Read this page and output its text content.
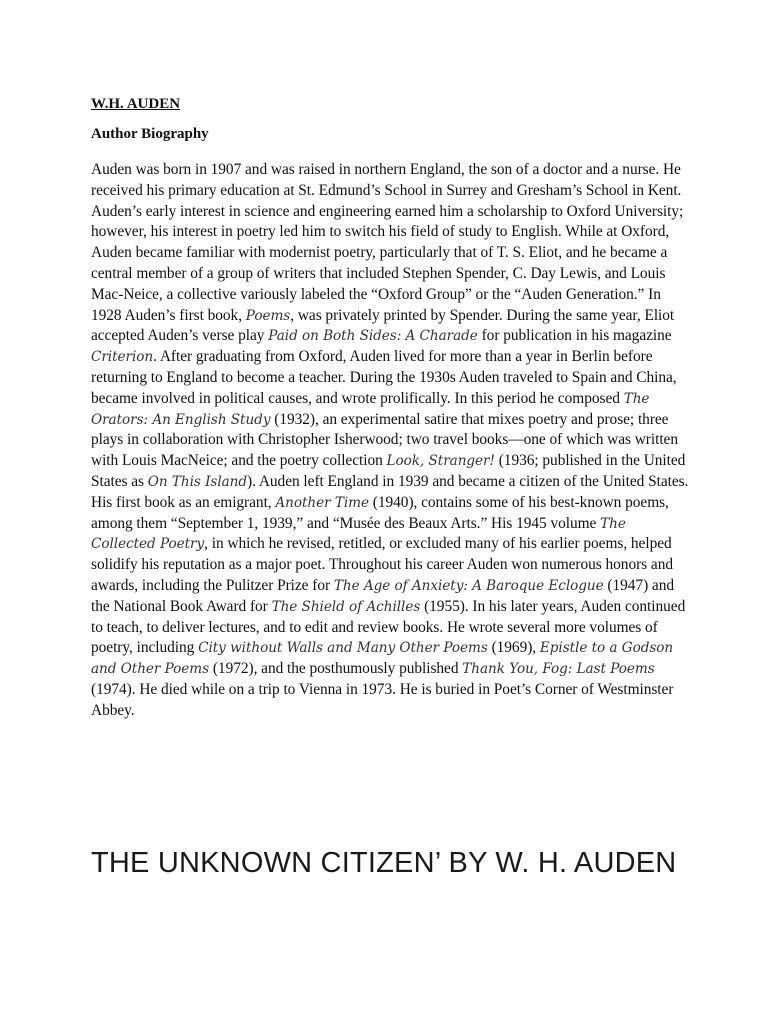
W.H. AUDEN

Author Biography

Auden was born in 1907 and was raised in northern England, the son of a doctor and a nurse. He received his primary education at St. Edmund’s School in Surrey and Gresham’s School in Kent. Auden’s early interest in science and engineering earned him a scholarship to Oxford University; however, his interest in poetry led him to switch his field of study to English. While at Oxford, Auden became familiar with modernist poetry, particularly that of T. S. Eliot, and he became a central member of a group of writers that included Stephen Spender, C. Day Lewis, and Louis Mac-Neice, a collective variously labeled the “Oxford Group” or the “Auden Generation.” In 1928 Auden’s first book, Poems, was privately printed by Spender. During the same year, Eliot accepted Auden’s verse play Paid on Both Sides: A Charade for publication in his magazine Criterion. After graduating from Oxford, Auden lived for more than a year in Berlin before returning to England to become a teacher. During the 1930s Auden traveled to Spain and China, became involved in political causes, and wrote prolifically. In this period he composed The Orators: An English Study (1932), an experimental satire that mixes poetry and prose; three plays in collaboration with Christopher Isherwood; two travel books—one of which was written with Louis MacNeice; and the poetry collection Look, Stranger! (1936; published in the United States as On This Island). Auden left England in 1939 and became a citizen of the United States. His first book as an emigrant, Another Time (1940), contains some of his best-known poems, among them “September 1, 1939,” and “Musée des Beaux Arts.” His 1945 volume The Collected Poetry, in which he revised, retitled, or excluded many of his earlier poems, helped solidify his reputation as a major poet. Throughout his career Auden won numerous honors and awards, including the Pulitzer Prize for The Age of Anxiety: A Baroque Eclogue (1947) and the National Book Award for The Shield of Achilles (1955). In his later years, Auden continued to teach, to deliver lectures, and to edit and review books. He wrote several more volumes of poetry, including City without Walls and Many Other Poems (1969), Epistle to a Godson and Other Poems (1972), and the posthumously published Thank You, Fog: Last Poems (1974). He died while on a trip to Vienna in 1973. He is buried in Poet’s Corner of Westminster Abbey.

THE UNKNOWN CITIZEN’ BY W. H. AUDEN
